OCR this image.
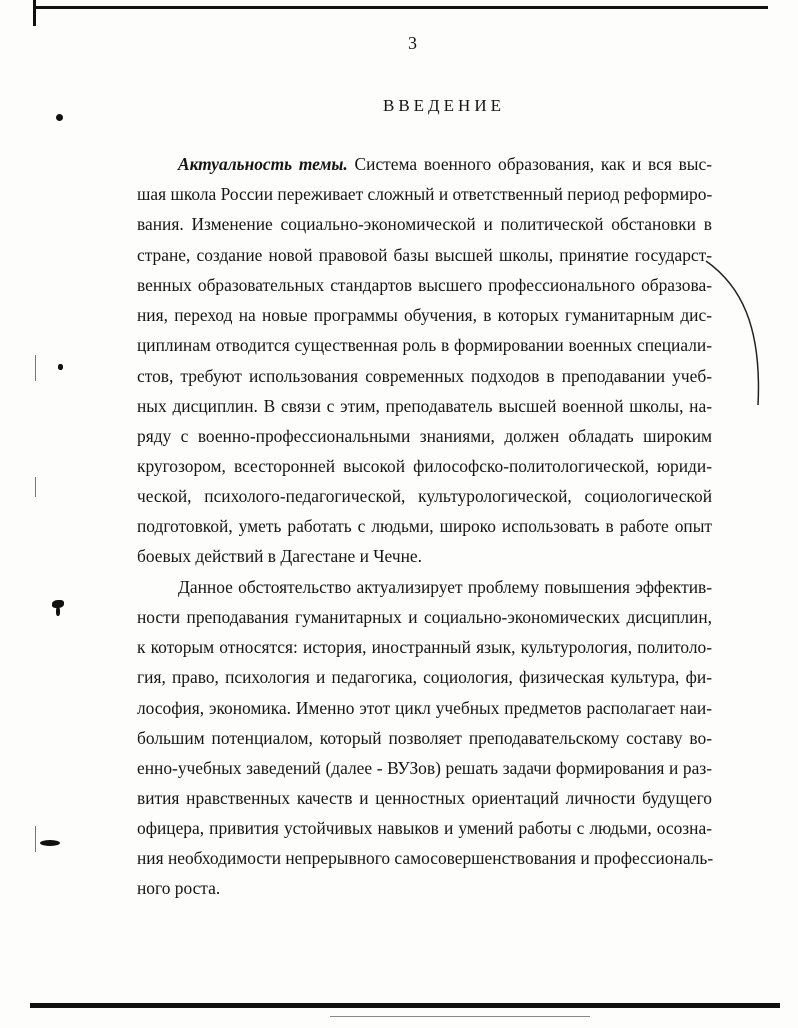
3
ВВЕДЕНИЕ
Актуальность темы. Система военного образования, как и вся выс-
шая школа России переживает сложный и ответственный период реформиро-
вания. Изменение социально-экономической и политической обстановки в
стране, создание новой правовой базы высшей школы, принятие государст-
венных образовательных стандартов высшего профессионального образова-
ния, переход на новые программы обучения, в которых гуманитарным дис-
циплинам отводится существенная роль в формировании военных специали-
стов, требуют использования современных подходов в преподавании учеб-
ных дисциплин. В связи с этим, преподаватель высшей военной школы, на-
ряду с военно-профессиональными знаниями, должен обладать широким
кругозором, всесторонней высокой философско-политологической, юриди-
ческой, психолого-педагогической, культурологической, социологической
подготовкой, уметь работать с людьми, широко использовать в работе опыт
боевых действий в Дагестане и Чечне.
Данное обстоятельство актуализирует проблему повышения эффектив-
ности преподавания гуманитарных и социально-экономических дисциплин,
к которым относятся: история, иностранный язык, культурология, политоло-
гия, право, психология и педагогика, социология, физическая культура, фи-
лософия, экономика. Именно этот цикл учебных предметов располагает наи-
большим потенциалом, который позволяет преподавательскому составу во-
енно-учебных заведений (далее - ВУЗов) решать задачи формирования и раз-
вития нравственных качеств и ценностных ориентаций личности будущего
офицера, привития устойчивых навыков и умений работы с людьми, осозна-
ния необходимости непрерывного самосовершенствования и профессиональ-
ного роста.
